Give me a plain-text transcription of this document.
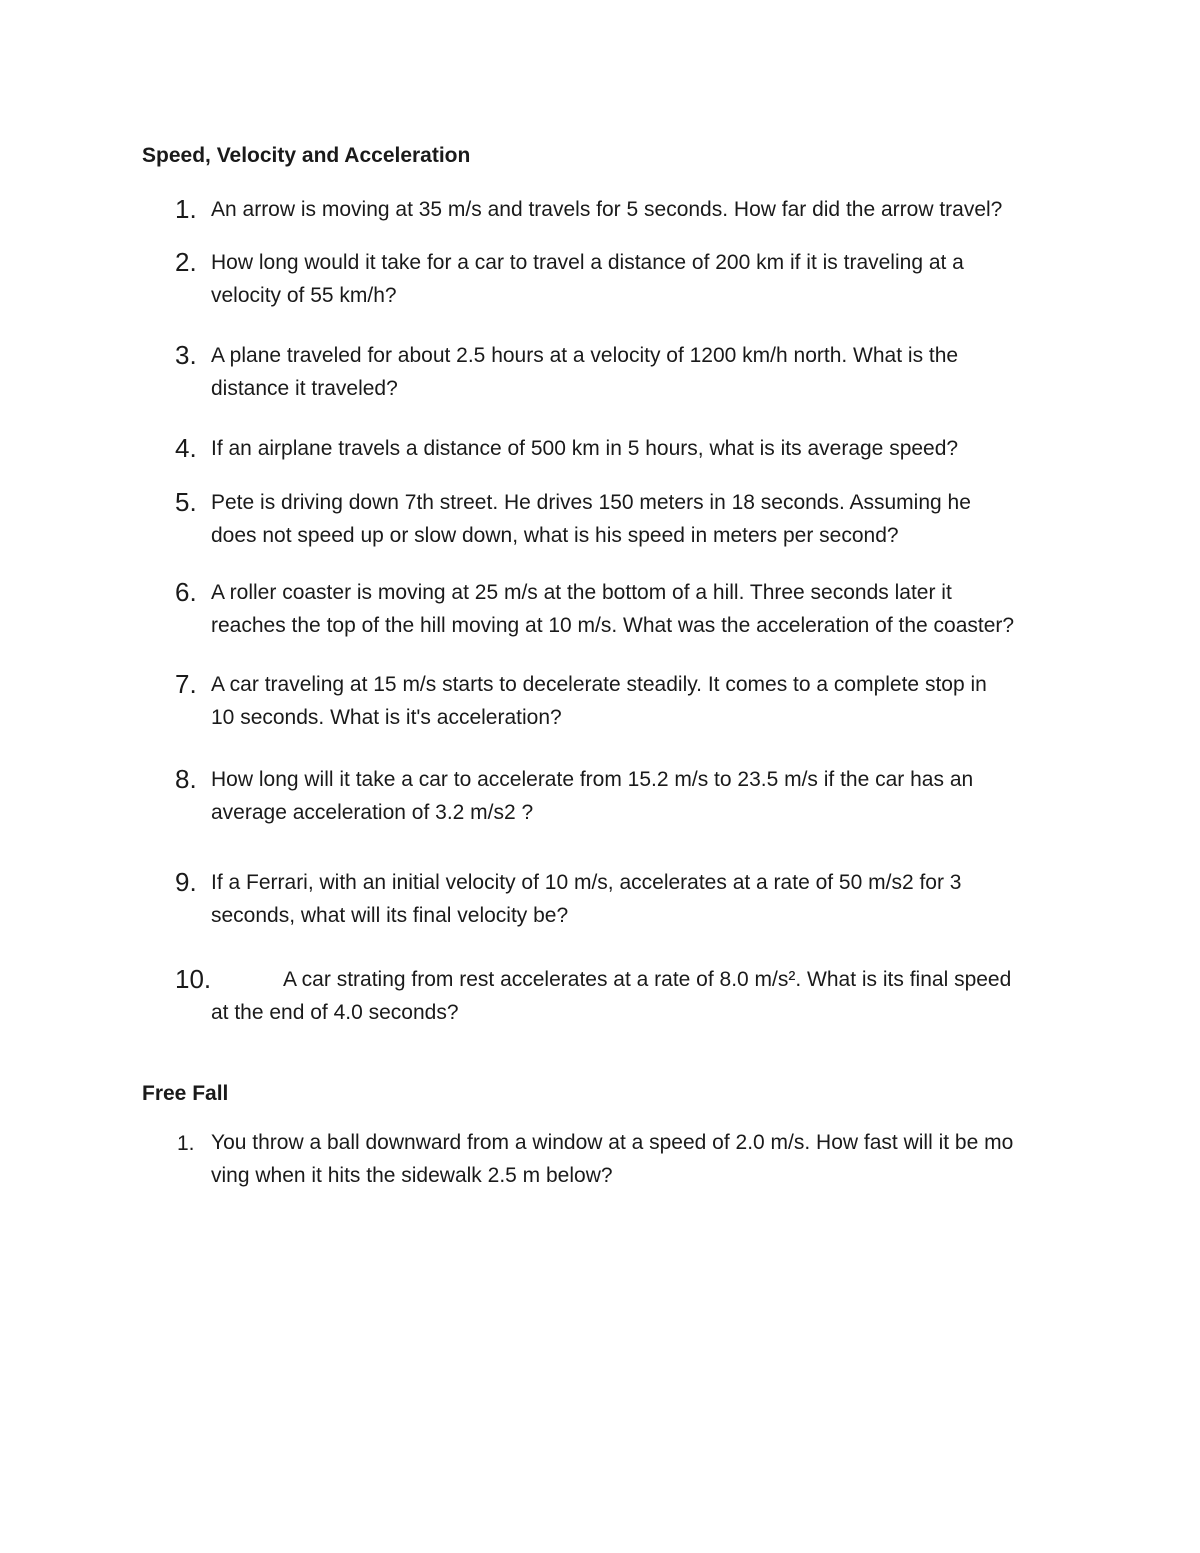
Speed, Velocity and Acceleration
1. An arrow is moving at 35 m/s and travels for 5 seconds. How far did the arrow travel?
2. How long would it take for a car to travel a distance of 200 km if it is traveling at a
velocity of 55 km/h?
3. A plane traveled for about 2.5 hours at a velocity of 1200 km/h north. What is the
distance it traveled?
4. If an airplane travels a distance of 500 km in 5 hours, what is its average speed?
5. Pete is driving down 7th street. He drives 150 meters in 18 seconds. Assuming he
does not speed up or slow down, what is his speed in meters per second?
6. A roller coaster is moving at 25 m/s at the bottom of a hill. Three seconds later it
reaches the top of the hill moving at 10 m/s. What was the acceleration of the coaster?
7. A car traveling at 15 m/s starts to decelerate steadily. It comes to a complete stop in
10 seconds. What is it's acceleration?
8. How long will it take a car to accelerate from 15.2 m/s to 23.5 m/s if the car has an
average acceleration of 3.2 m/s2 ?
9. If a Ferrari, with an initial velocity of 10 m/s, accelerates at a rate of 50 m/s2 for 3
seconds, what will its final velocity be?
10.	A car strating from rest accelerates at a rate of 8.0 m/s². What is its final speed
at the end of 4.0 seconds?
Free Fall
1. You throw a ball downward from a window at a speed of 2.0 m/s. How fast will it be mo
ving when it hits the sidewalk 2.5 m below?
